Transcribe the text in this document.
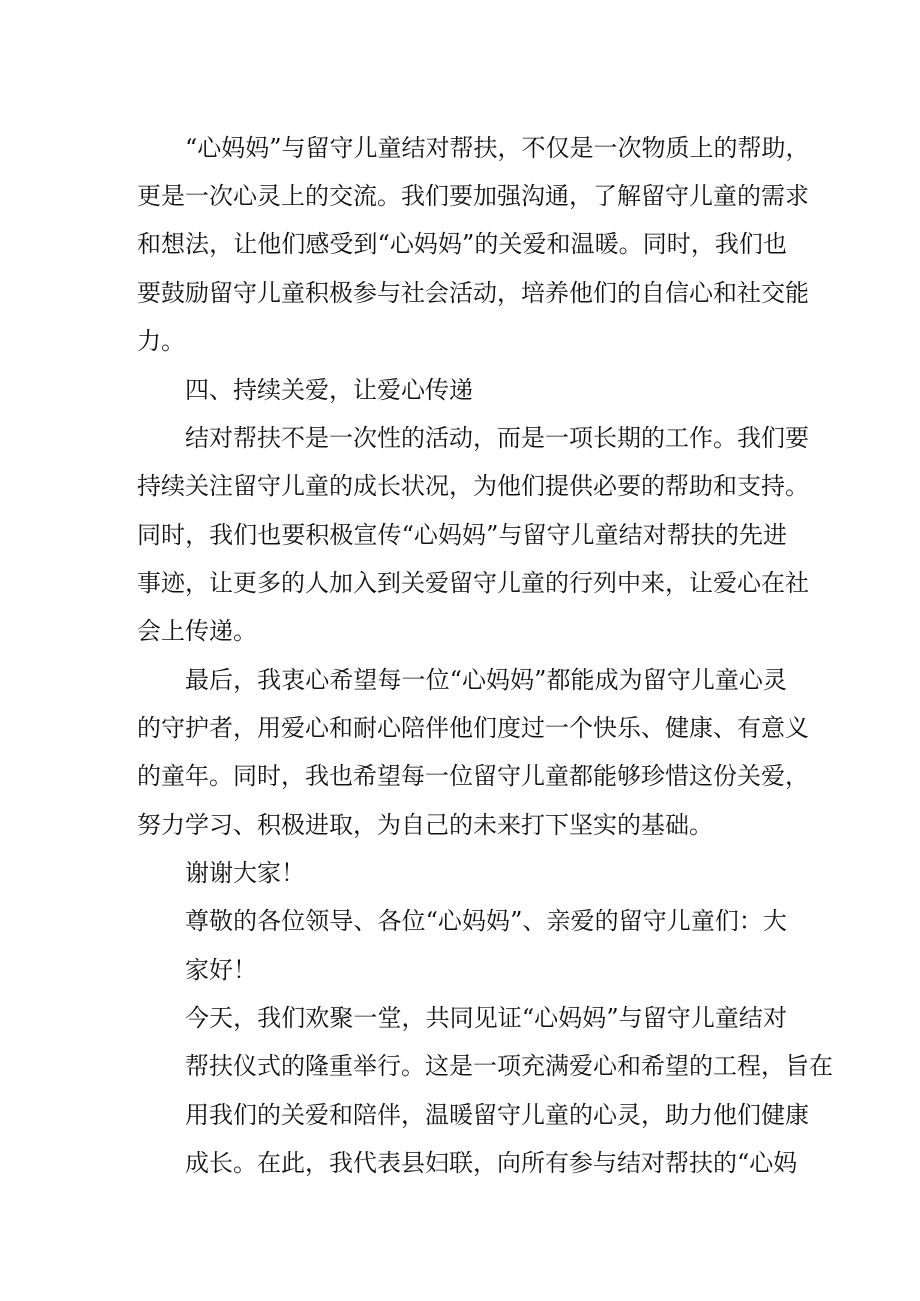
“心妈妈”与留守儿童结对帮扶，不仅是一次物质上的帮助，
更是一次心灵上的交流。我们要加强沟通，了解留守儿童的需求
和想法，让他们感受到“心妈妈”的关爱和温暖。同时，我们也
要鼓励留守儿童积极参与社会活动，培养他们的自信心和社交能
力。
四、持续关爱，让爱心传递
结对帮扶不是一次性的活动，而是一项长期的工作。我们要
持续关注留守儿童的成长状况，为他们提供必要的帮助和支持。
同时，我们也要积极宣传“心妈妈”与留守儿童结对帮扶的先进
事迹，让更多的人加入到关爱留守儿童的行列中来，让爱心在社
会上传递。
最后，我衷心希望每一位“心妈妈”都能成为留守儿童心灵
的守护者，用爱心和耐心陪伴他们度过一个快乐、健康、有意义
的童年。同时，我也希望每一位留守儿童都能够珍惜这份关爱，
努力学习、积极进取，为自己的未来打下坚实的基础。
谢谢大家！
尊敬的各位领导、各位“心妈妈”、亲爱的留守儿童们：大
家好！
今天，我们欢聚一堂，共同见证“心妈妈”与留守儿童结对
帮扶仪式的隆重举行。这是一项充满爱心和希望的工程，旨在
用我们的关爱和陪伴，温暖留守儿童的心灵，助力他们健康
成长。在此，我代表县妇联，向所有参与结对帮扶的“心妈
